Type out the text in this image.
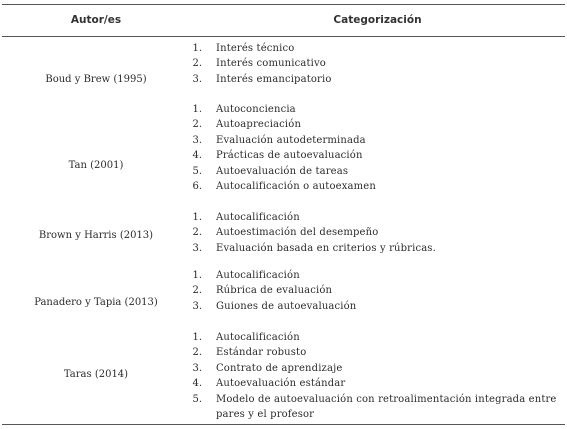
Autor/es	Categorización
Boud y Brew (1995)
1. Interés técnico
2. Interés comunicativo
3. Interés emancipatorio
Tan (2001)
1. Autoconciencia
2. Autoapreciación
3. Evaluación autodeterminada
4. Prácticas de autoevaluación
5. Autoevaluación de tareas
6. Autocalificación o autoexamen
Brown y Harris (2013)
1. Autocalificación
2. Autoestimación del desempeño
3. Evaluación basada en criterios y rúbricas.
Panadero y Tapia (2013)
1. Autocalificación
2. Rúbrica de evaluación
3. Guiones de autoevaluación
Taras (2014)
1. Autocalificación
2. Estándar robusto
3. Contrato de aprendizaje
4. Autoevaluación estándar
5. Modelo de autoevaluación con retroalimentación integrada entre pares y el profesor
